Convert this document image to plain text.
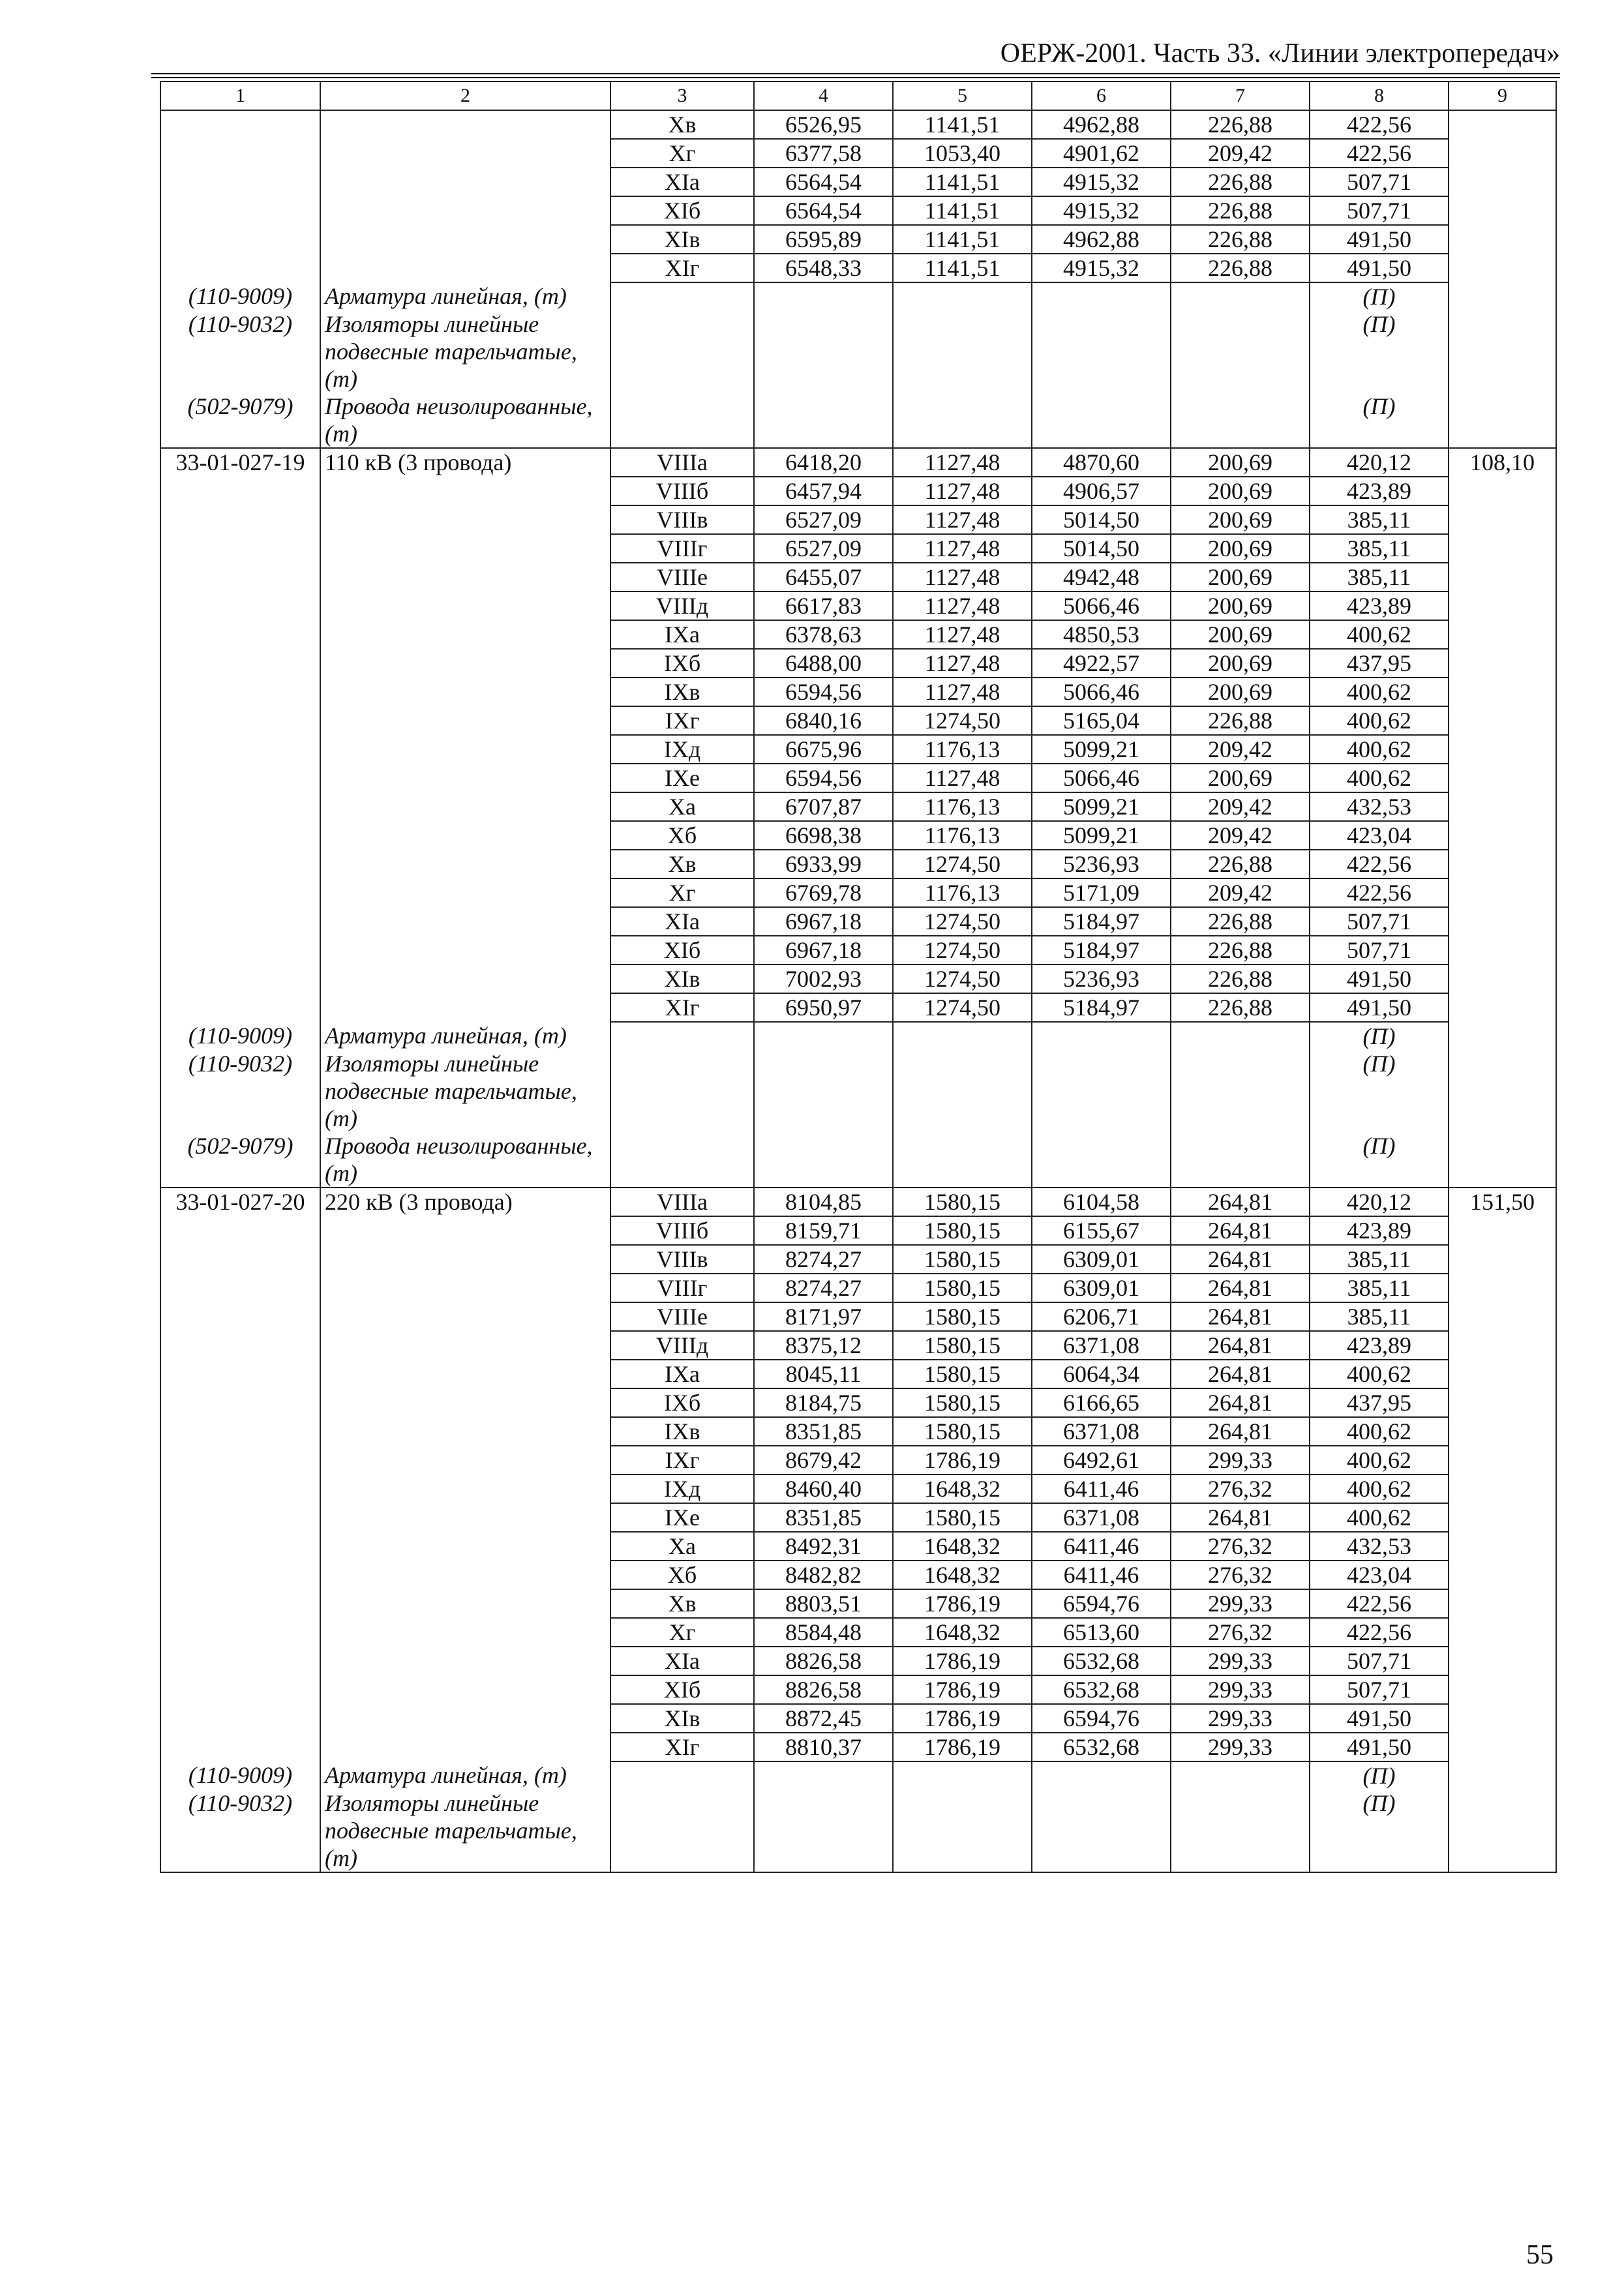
ОЕРЖ-2001. Часть 33. «Линии электропередач»
1	2	3	4	5	6	7	8	9
		Xв	6526,95	1141,51	4962,88	226,88	422,56	
		Xг	6377,58	1053,40	4901,62	209,42	422,56	
		XIа	6564,54	1141,51	4915,32	226,88	507,71	
		XIб	6564,54	1141,51	4915,32	226,88	507,71	
		XIв	6595,89	1141,51	4962,88	226,88	491,50	
		XIг	6548,33	1141,51	4915,32	226,88	491,50	
(110-9009)	Арматура линейная, (т)						(П)	
(110-9032)	Изоляторы линейные подвесные тарельчатые, (т)						(П)	
(502-9079)	Провода неизолированные, (т)						(П)	
33-01-027-19	110 кВ (3 провода)	VIIIа	6418,20	1127,48	4870,60	200,69	420,12	108,10
		VIIIб	6457,94	1127,48	4906,57	200,69	423,89	
		VIIIв	6527,09	1127,48	5014,50	200,69	385,11	
		VIIIг	6527,09	1127,48	5014,50	200,69	385,11	
		VIIIе	6455,07	1127,48	4942,48	200,69	385,11	
		VIIIд	6617,83	1127,48	5066,46	200,69	423,89	
		IXа	6378,63	1127,48	4850,53	200,69	400,62	
		IXб	6488,00	1127,48	4922,57	200,69	437,95	
		IXв	6594,56	1127,48	5066,46	200,69	400,62	
		IXг	6840,16	1274,50	5165,04	226,88	400,62	
		IXд	6675,96	1176,13	5099,21	209,42	400,62	
		IXе	6594,56	1127,48	5066,46	200,69	400,62	
		Xа	6707,87	1176,13	5099,21	209,42	432,53	
		Xб	6698,38	1176,13	5099,21	209,42	423,04	
		Xв	6933,99	1274,50	5236,93	226,88	422,56	
		Xг	6769,78	1176,13	5171,09	209,42	422,56	
		XIа	6967,18	1274,50	5184,97	226,88	507,71	
		XIб	6967,18	1274,50	5184,97	226,88	507,71	
		XIв	7002,93	1274,50	5236,93	226,88	491,50	
		XIг	6950,97	1274,50	5184,97	226,88	491,50	
(110-9009)	Арматура линейная, (т)						(П)	
(110-9032)	Изоляторы линейные подвесные тарельчатые, (т)						(П)	
(502-9079)	Провода неизолированные, (т)						(П)	
33-01-027-20	220 кВ (3 провода)	VIIIа	8104,85	1580,15	6104,58	264,81	420,12	151,50
		VIIIб	8159,71	1580,15	6155,67	264,81	423,89	
		VIIIв	8274,27	1580,15	6309,01	264,81	385,11	
		VIIIг	8274,27	1580,15	6309,01	264,81	385,11	
		VIIIе	8171,97	1580,15	6206,71	264,81	385,11	
		VIIIд	8375,12	1580,15	6371,08	264,81	423,89	
		IXа	8045,11	1580,15	6064,34	264,81	400,62	
		IXб	8184,75	1580,15	6166,65	264,81	437,95	
		IXв	8351,85	1580,15	6371,08	264,81	400,62	
		IXг	8679,42	1786,19	6492,61	299,33	400,62	
		IXд	8460,40	1648,32	6411,46	276,32	400,62	
		IXе	8351,85	1580,15	6371,08	264,81	400,62	
		Xа	8492,31	1648,32	6411,46	276,32	432,53	
		Xб	8482,82	1648,32	6411,46	276,32	423,04	
		Xв	8803,51	1786,19	6594,76	299,33	422,56	
		Xг	8584,48	1648,32	6513,60	276,32	422,56	
		XIа	8826,58	1786,19	6532,68	299,33	507,71	
		XIб	8826,58	1786,19	6532,68	299,33	507,71	
		XIв	8872,45	1786,19	6594,76	299,33	491,50	
		XIг	8810,37	1786,19	6532,68	299,33	491,50	
(110-9009)	Арматура линейная, (т)						(П)	
(110-9032)	Изоляторы линейные подвесные тарельчатые, (т)						(П)	
55
